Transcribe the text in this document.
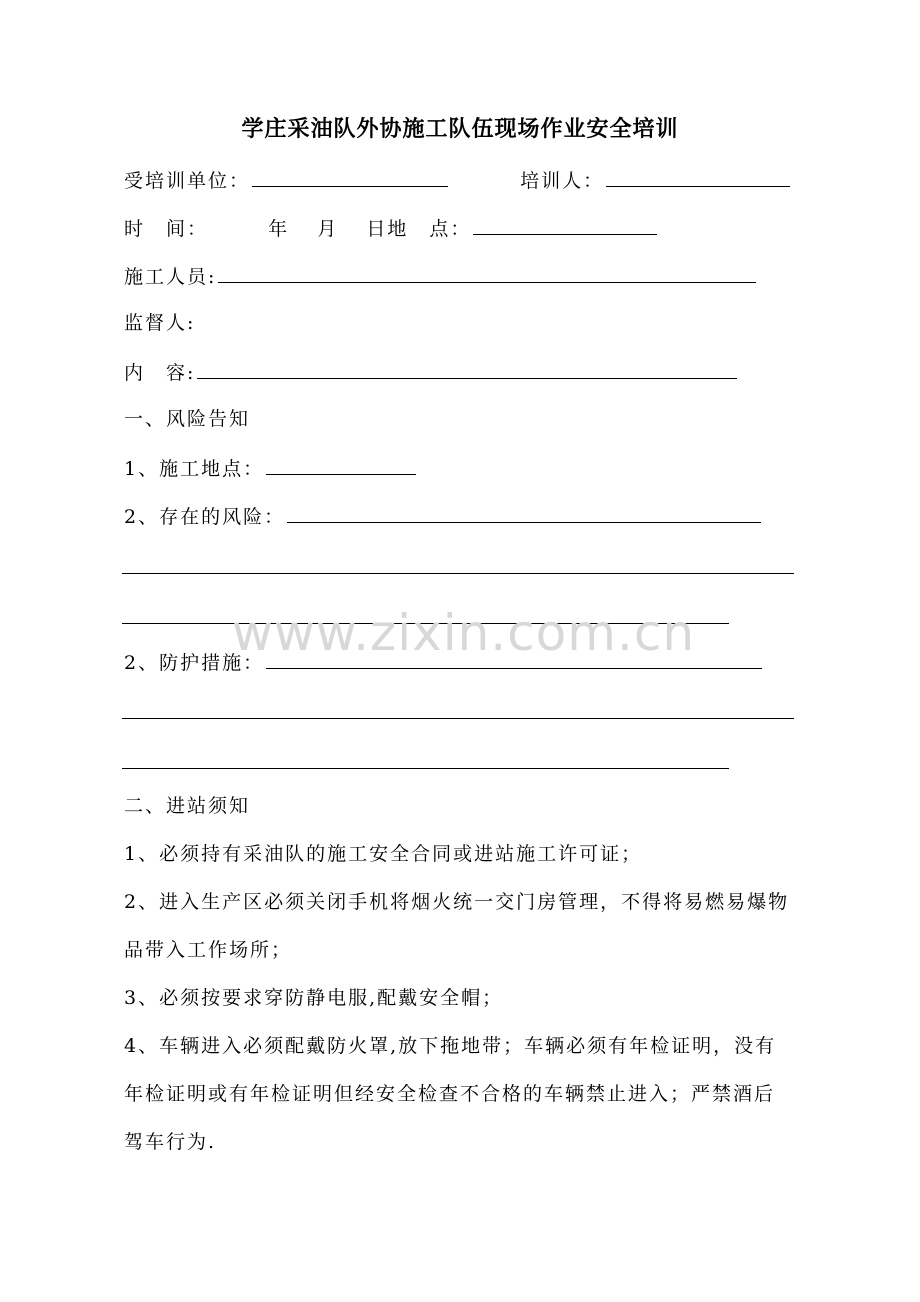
学庄采油队外协施工队伍现场作业安全培训
受培训单位：	培训人：
时　间：	年 月 日地　点：
施工人员:
监督人:
内　容:
一、风险告知
1、施工地点：
2、存在的风险：
2、防护措施：
二、进站须知
1、必须持有采油队的施工安全合同或进站施工许可证；
2、进入生产区必须关闭手机将烟火统一交门房管理，不得将易燃易爆物
品带入工作场所；
3、必须按要求穿防静电服,配戴安全帽；
4、车辆进入必须配戴防火罩,放下拖地带；车辆必须有年检证明，没有
年检证明或有年检证明但经安全检查不合格的车辆禁止进入；严禁酒后
驾车行为.
www.zixin.com.cn
